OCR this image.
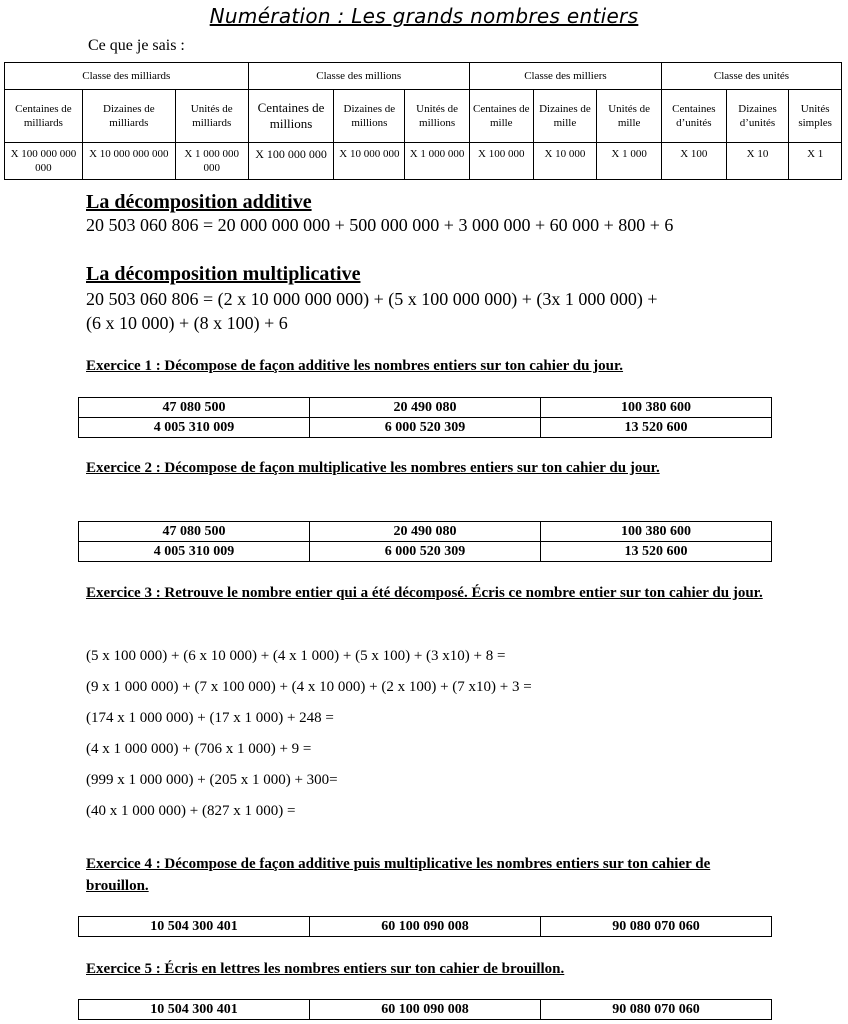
Numération : Les grands nombres entiers
Ce que je sais :
Classe des milliards			Classe des millions			Classe des milliers			Classe des unités		
Centaines de milliards	Dizaines de milliards	Unités de milliards	Centaines de millions	Dizaines de millions	Unités de millions	Centaines de mille	Dizaines de mille	Unités de mille	Centaines d’unités	Dizaines d’unités	Unités simples
X 100 000 000 000	X 10 000 000 000	X 1 000 000 000	X 100 000 000	X 10 000 000	X 1 000 000	X 100 000	X 10 000	X 1 000	X 100	X 10	X 1
La décomposition additive
20 503 060 806 = 20 000 000 000 + 500 000 000 + 3 000 000 + 60 000 + 800 + 6
La décomposition multiplicative
20 503 060 806 = (2 x 10 000 000 000) + (5 x 100 000 000) + (3x 1 000 000) +
(6 x 10 000) + (8 x 100) + 6
Exercice 1 : Décompose de façon additive les nombres entiers sur ton cahier du jour.
47 080 500	20 490 080	100 380 600
4 005 310 009	6 000 520 309	13 520 600
Exercice 2 : Décompose de façon multiplicative les nombres entiers sur ton cahier du jour.
47 080 500	20 490 080	100 380 600
4 005 310 009	6 000 520 309	13 520 600
Exercice 3 : Retrouve le nombre entier qui a été décomposé. Écris ce nombre entier sur ton cahier du jour.
(5 x 100 000) + (6 x 10 000) + (4 x 1 000) + (5 x 100) + (3 x10) + 8 =
(9 x 1 000 000) + (7 x 100 000) + (4 x 10 000) + (2 x 100) + (7 x10) + 3 =
(174 x 1 000 000) + (17 x 1 000) + 248 =
(4 x 1 000 000) + (706 x 1 000) + 9 =
(999 x 1 000 000) + (205 x 1 000) + 300=
(40 x 1 000 000) + (827 x 1 000) =
Exercice 4 : Décompose de façon additive puis multiplicative les nombres entiers sur ton cahier de brouillon.
10 504 300 401	60 100 090 008	90 080 070 060
Exercice 5 : Écris en lettres les nombres entiers sur ton cahier de brouillon.
10 504 300 401	60 100 090 008	90 080 070 060
